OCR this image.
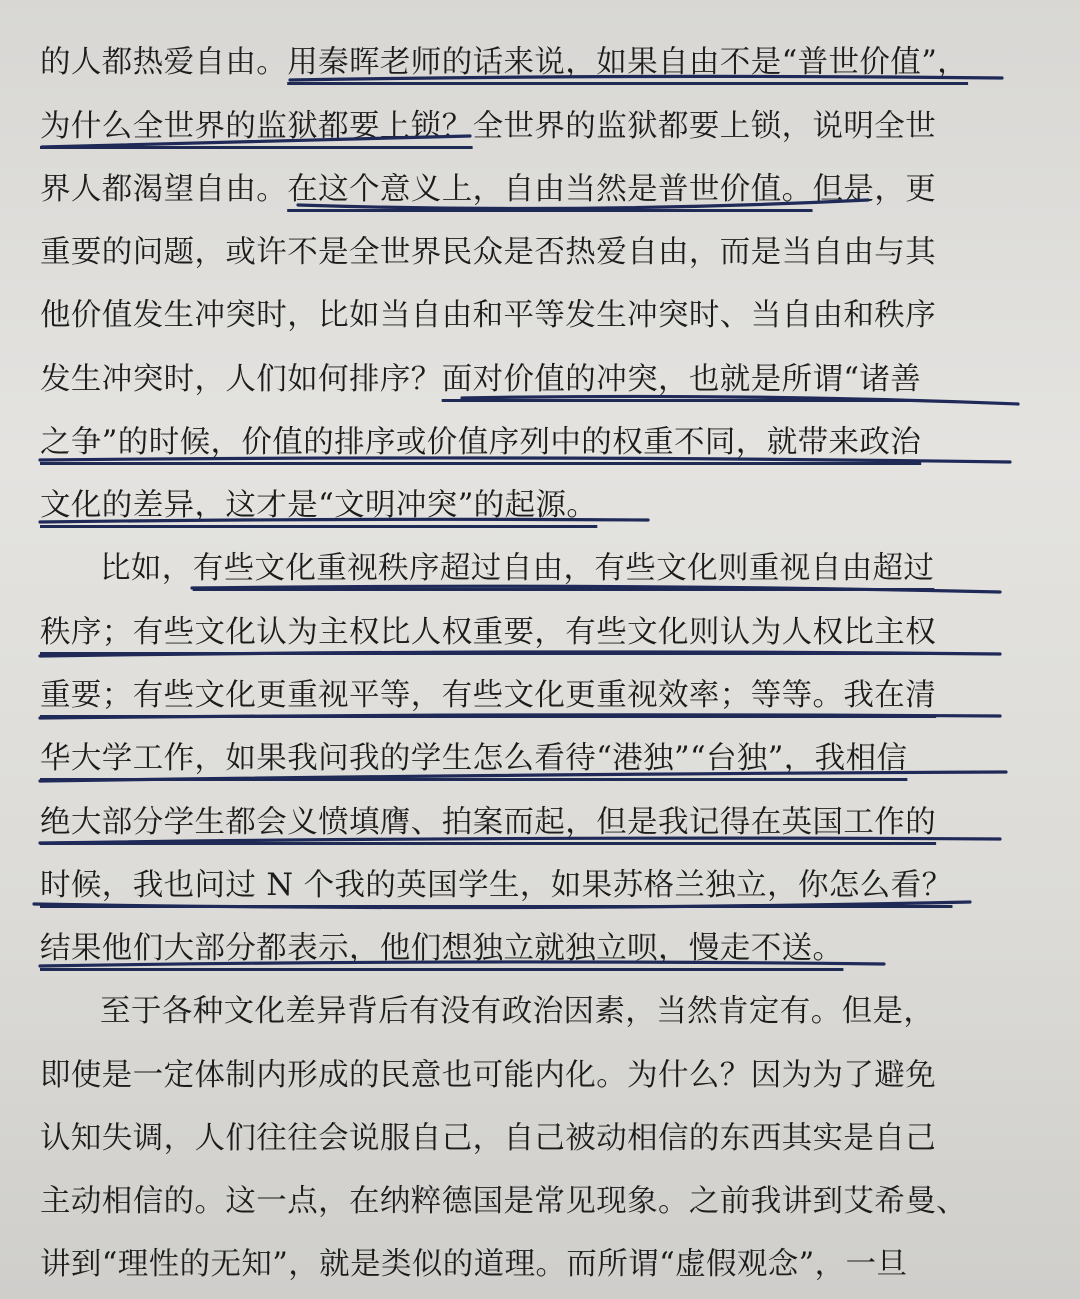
的人都热爱自由。用秦晖老师的话来说，如果自由不是“普世价值”，
为什么全世界的监狱都要上锁？全世界的监狱都要上锁，说明全世
界人都渴望自由。在这个意义上，自由当然是普世价值。但是，更
重要的问题，或许不是全世界民众是否热爱自由，而是当自由与其
他价值发生冲突时，比如当自由和平等发生冲突时、当自由和秩序
发生冲突时，人们如何排序？面对价值的冲突，也就是所谓“诸善
之争”的时候，价值的排序或价值序列中的权重不同，就带来政治
文化的差异，这才是“文明冲突”的起源。
比如，有些文化重视秩序超过自由，有些文化则重视自由超过
秩序；有些文化认为主权比人权重要，有些文化则认为人权比主权
重要；有些文化更重视平等，有些文化更重视效率；等等。我在清
华大学工作，如果我问我的学生怎么看待“港独”“台独”，我相信
绝大部分学生都会义愤填膺、拍案而起，但是我记得在英国工作的
时候，我也问过 N 个我的英国学生，如果苏格兰独立，你怎么看？
结果他们大部分都表示，他们想独立就独立呗，慢走不送。
至于各种文化差异背后有没有政治因素，当然肯定有。但是，
即使是一定体制内形成的民意也可能内化。为什么？因为为了避免
认知失调，人们往往会说服自己，自己被动相信的东西其实是自己
主动相信的。这一点，在纳粹德国是常见现象。之前我讲到艾希曼、
讲到“理性的无知”，就是类似的道理。而所谓“虚假观念”，一旦
